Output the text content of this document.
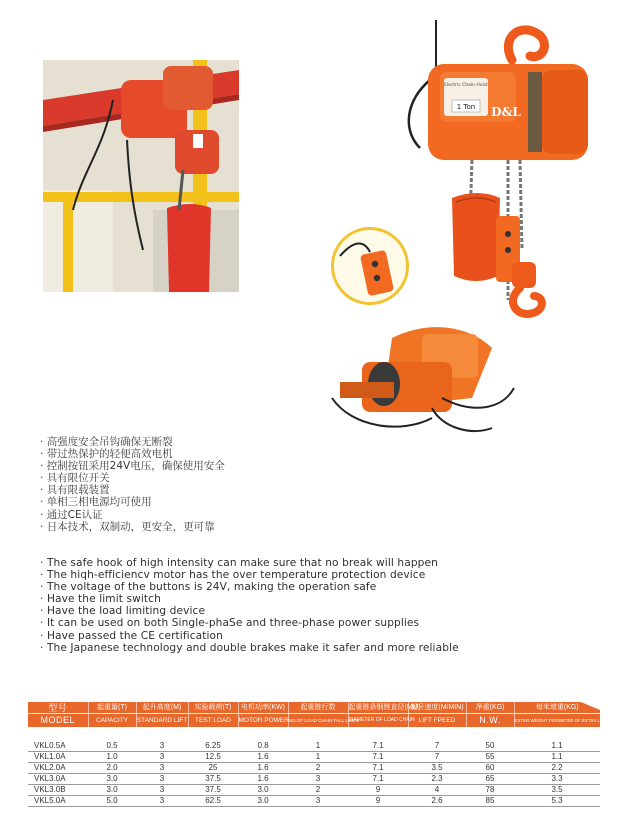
Electric Chain Hoist
1 Ton D&L
· 高强度安全吊钩确保无断裂
· 带过热保护的轻便高效电机
· 控制按钮采用24V电压，确保使用安全
· 具有限位开关
· 具有限载装置
· 单相三相电源均可使用
· 通过CE认证
· 日本技术，双制动，更安全，更可靠
· The safe hook of high intensity can make sure that no break will happen
· The hiqh-efficiencv motor has the over temperature protection device
· The voltage of the buttons is 24V, making the operation safe
· Have the limit switch
· Have the load limiting device
· It can be used on both Single-phaSe and three-phase power supplies
· Have passed the CE certification
· The Japanese technology and double brakes make it safer and more reliable
型号	起重量(T)	起升高度(M)	实验载荷(T)	电机功率(KW)	起重链行数	起重链条钢锉直径(MM)	起升速度(M/MIN)	净重(KG)	每米增重(KG)
MODEL	CAPACITY	STANDARD LIFT	TEST LOAD	MOTOR POWER	NO.OF LOAD CHAIN FALL LINES	DIAMETER OF LOAD CHAIN	LIFT FPEED	N.W.	EXTER WEIGHT PERMETER OF EXTRA LIFT

VKL0.5A	0.5	3	6.25	0.8	1	7.1	7	50	1.1
VKL1.0A	1.0	3	12.5	1.6	1	7.1	7	55	1.1
VKL2.0A	2.0	3	25	1.6	2	7.1	3.5	60	2.2
VKL3.0A	3.0	3	37.5	1.6	3	7.1	2.3	65	3.3
VKL3.0B	3.0	3	37.5	3.0	2	9	4	78	3.5
VKL5.0A	5.0	3	62.5	3.0	3	9	2.6	85	5.3
